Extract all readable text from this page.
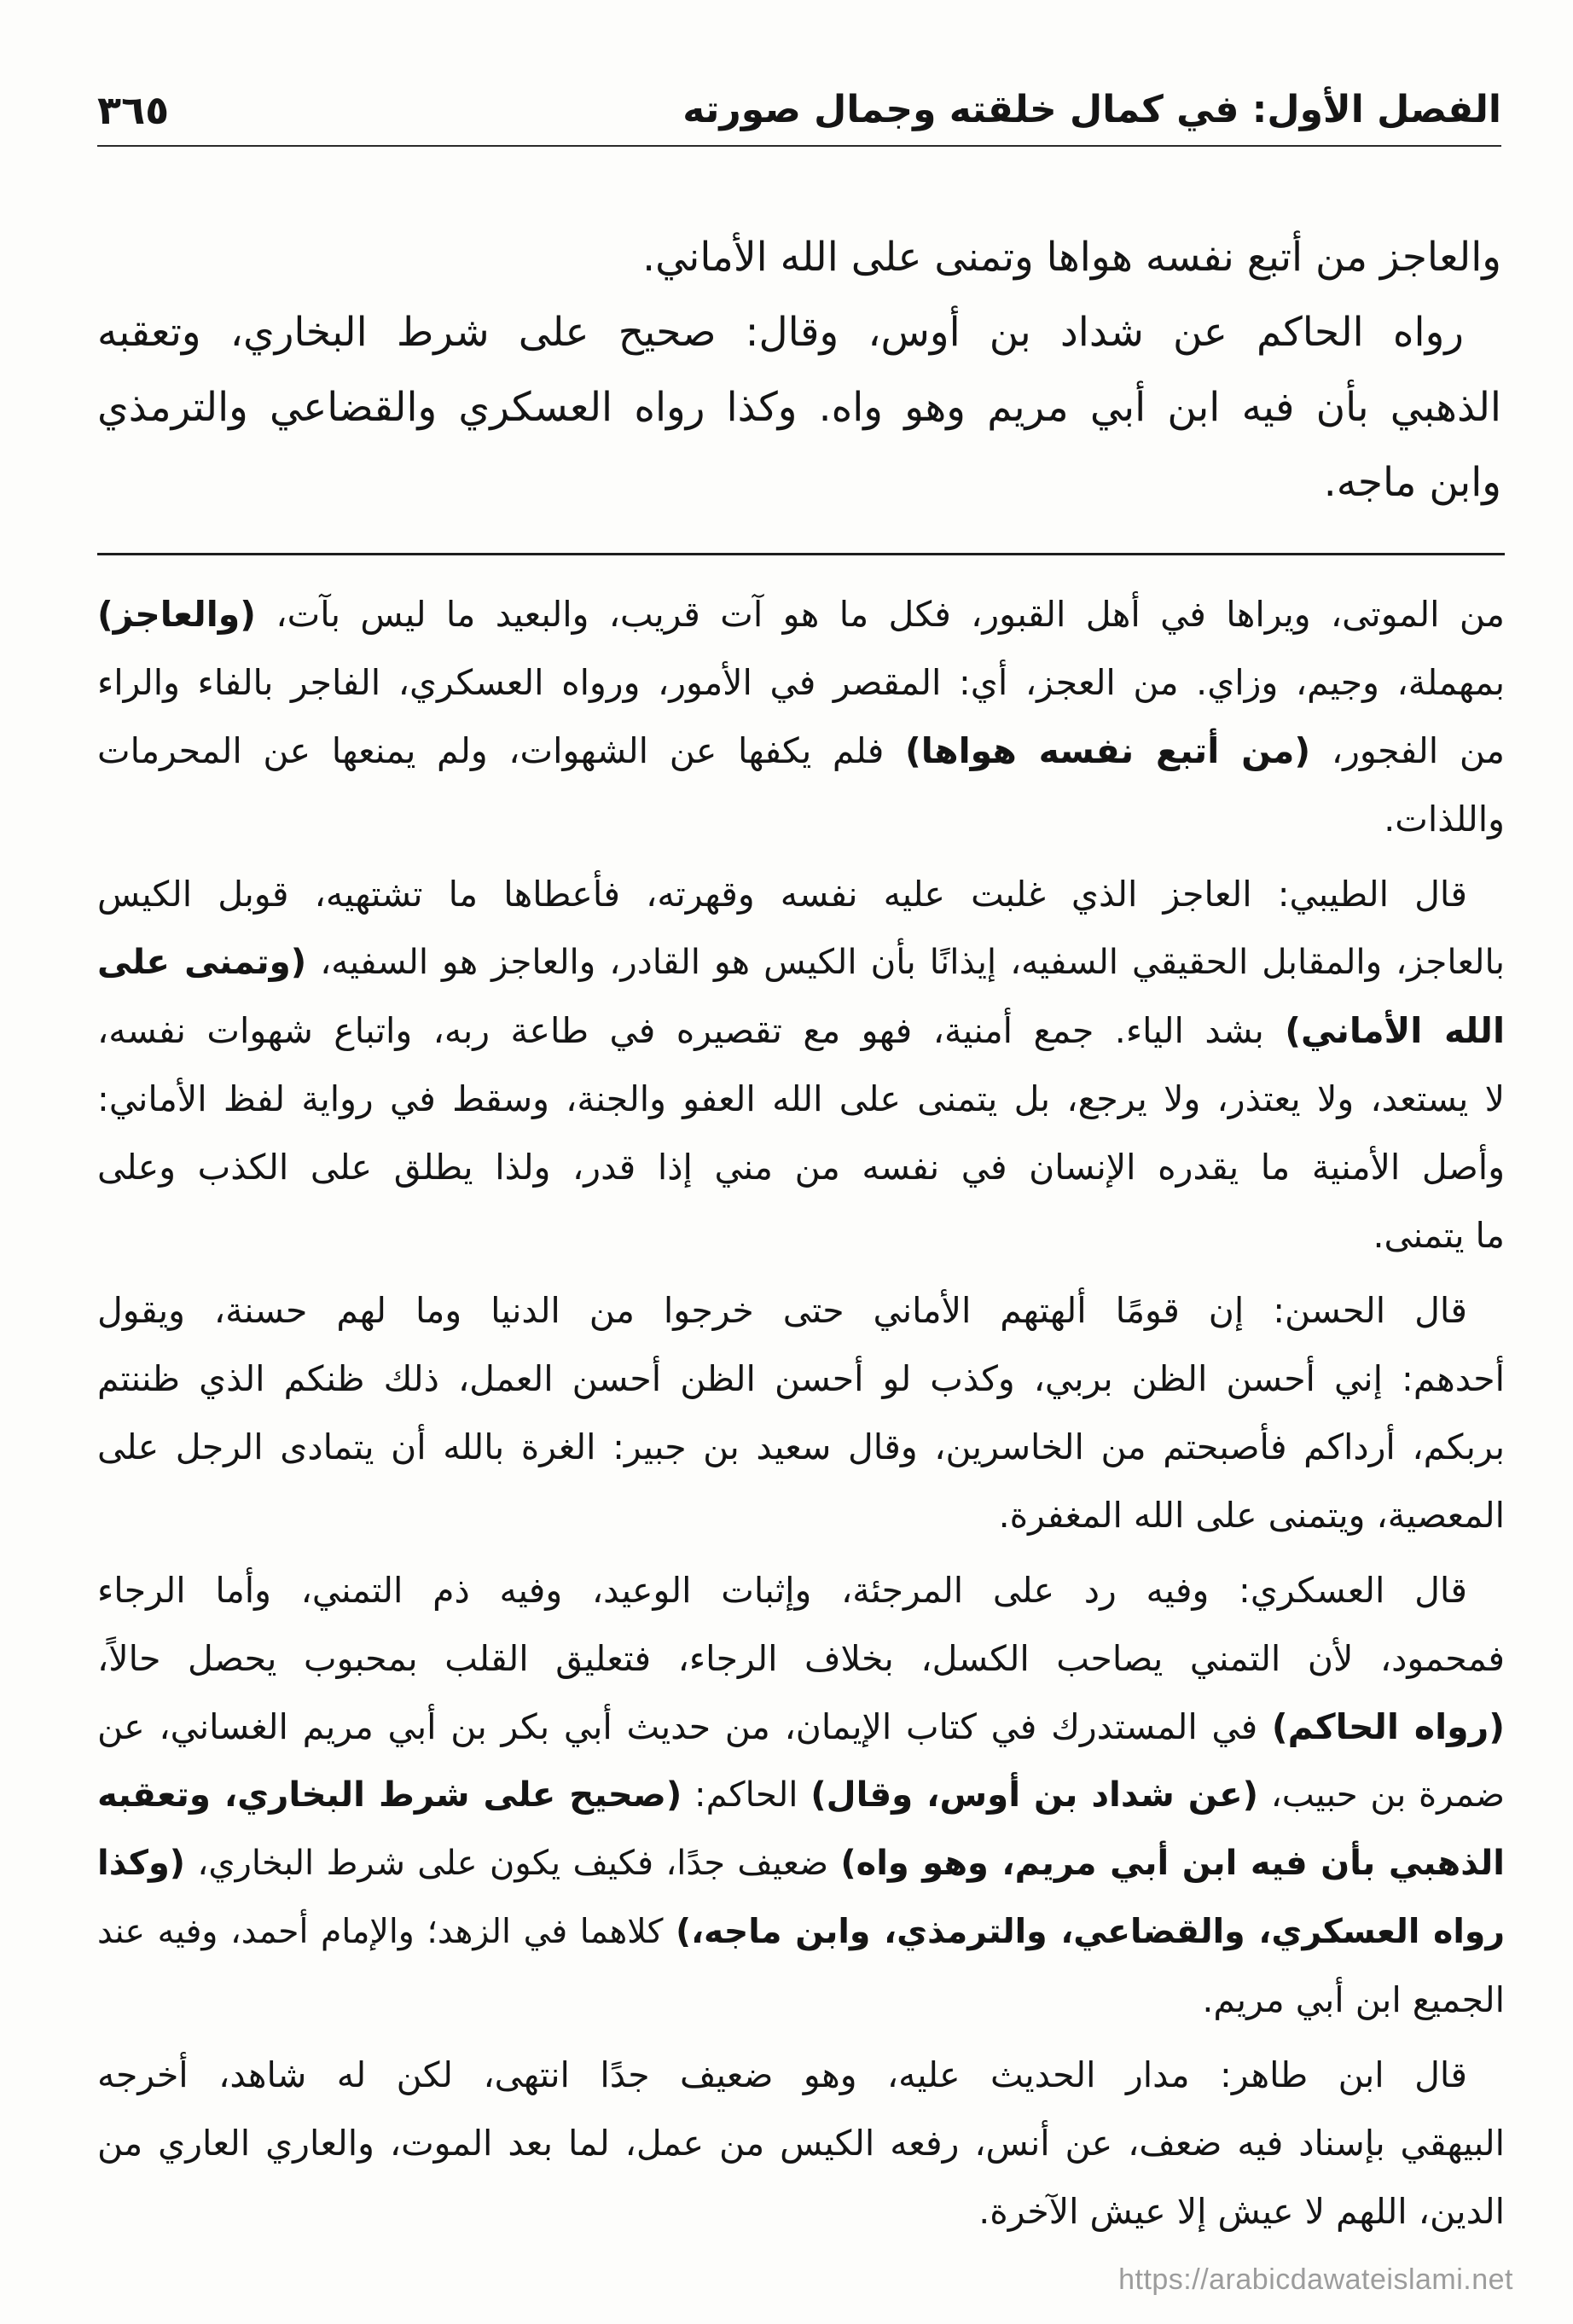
الفصل الأول: في كمال خلقته وجمال صورته
٣٦٥
والعاجز من أتبع نفسه هواها وتمنى على الله الأماني.
رواه الحاكم عن شداد بن أوس، وقال: صحيح على شرط البخاري، وتعقبه
الذهبي بأن فيه ابن أبي مريم وهو واه. وكذا رواه العسكري والقضاعي والترمذي
وابن ماجه.
من الموتى، ويراها في أهل القبور، فكل ما هو آت قريب، والبعيد ما ليس بآت، (والعاجز)
بمهملة، وجيم، وزاي. من العجز، أي: المقصر في الأمور، ورواه العسكري، الفاجر بالفاء والراء
من الفجور، (من أتبع نفسه هواها) فلم يكفها عن الشهوات، ولم يمنعها عن المحرمات
واللذات.
قال الطيبي: العاجز الذي غلبت عليه نفسه وقهرته، فأعطاها ما تشتهيه، قوبل الكيس
بالعاجز، والمقابل الحقيقي السفيه، إيذانًا بأن الكيس هو القادر، والعاجز هو السفيه، (وتمنى على
الله الأماني) بشد الياء. جمع أمنية، فهو مع تقصيره في طاعة ربه، واتباع شهوات نفسه،
لا يستعد، ولا يعتذر، ولا يرجع، بل يتمنى على الله العفو والجنة، وسقط في رواية لفظ الأماني:
وأصل الأمنية ما يقدره الإنسان في نفسه من مني إذا قدر، ولذا يطلق على الكذب وعلى
ما يتمنى.
قال الحسن: إن قومًا ألهتهم الأماني حتى خرجوا من الدنيا وما لهم حسنة، ويقول
أحدهم: إني أحسن الظن بربي، وكذب لو أحسن الظن أحسن العمل، ذلك ظنكم الذي ظننتم
بربكم، أرداكم فأصبحتم من الخاسرين، وقال سعيد بن جبير: الغرة بالله أن يتمادى الرجل على
المعصية، ويتمنى على الله المغفرة.
قال العسكري: وفيه رد على المرجئة، وإثبات الوعيد، وفيه ذم التمني، وأما الرجاء
فمحمود، لأن التمني يصاحب الكسل، بخلاف الرجاء، فتعليق القلب بمحبوب يحصل حالاً،
(رواه الحاكم) في المستدرك في كتاب الإيمان، من حديث أبي بكر بن أبي مريم الغساني، عن
ضمرة بن حبيب، (عن شداد بن أوس، وقال) الحاكم: (صحيح على شرط البخاري، وتعقبه
الذهبي بأن فيه ابن أبي مريم، وهو واه) ضعيف جدًا، فكيف يكون على شرط البخاري، (وكذا
رواه العسكري، والقضاعي، والترمذي، وابن ماجه،) كلاهما في الزهد؛ والإمام أحمد، وفيه عند
الجميع ابن أبي مريم.
قال ابن طاهر: مدار الحديث عليه، وهو ضعيف جدًا انتهى، لكن له شاهد، أخرجه
البيهقي بإسناد فيه ضعف، عن أنس، رفعه الكيس من عمل، لما بعد الموت، والعاري العاري من
الدين، اللهم لا عيش إلا عيش الآخرة.
https://arabicdawateislami.net
